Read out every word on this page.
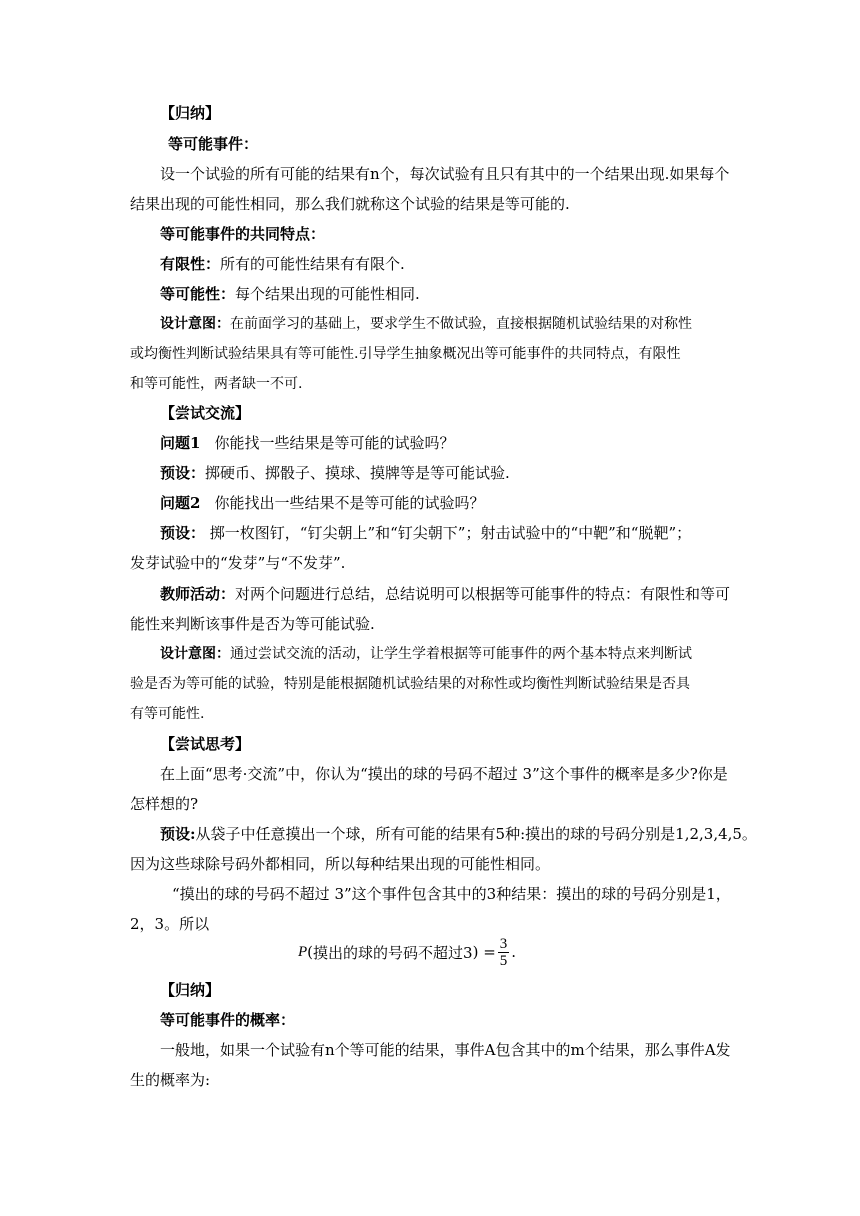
【归纳】
等可能事件：
设一个试验的所有可能的结果有n个，每次试验有且只有其中的一个结果出现.如果每个
结果出现的可能性相同，那么我们就称这个试验的结果是等可能的.
等可能事件的共同特点：
有限性：所有的可能性结果有有限个.
等可能性：每个结果出现的可能性相同.
设计意图：在前面学习的基础上，要求学生不做试验，直接根据随机试验结果的对称性
或均衡性判断试验结果具有等可能性.引导学生抽象概况出等可能事件的共同特点，有限性
和等可能性，两者缺一不可.
【尝试交流】
问题1 你能找一些结果是等可能的试验吗？
预设：掷硬币、掷骰子、摸球、摸牌等是等可能试验.
问题2 你能找出一些结果不是等可能的试验吗？
预设： 掷一枚图钉，“钉尖朝上”和“钉尖朝下”；射击试验中的“中靶”和“脱靶”；
发芽试验中的“发芽”与“不发芽”.
教师活动：对两个问题进行总结，总结说明可以根据等可能事件的特点：有限性和等可
能性来判断该事件是否为等可能试验.
设计意图：通过尝试交流的活动，让学生学着根据等可能事件的两个基本特点来判断试
验是否为等可能的试验，特别是能根据随机试验结果的对称性或均衡性判断试验结果是否具
有等可能性.
【尝试思考】
在上面“思考·交流”中，你认为“摸出的球的号码不超过 3”这个事件的概率是多少?你是
怎样想的?
预设:从袋子中任意摸出一个球，所有可能的结果有5种:摸出的球的号码分别是1,2,3,4,5。
因为这些球除号码外都相同，所以每种结果出现的可能性相同。
“摸出的球的号码不超过 3”这个事件包含其中的3种结果：摸出的球的号码分别是1，
2，3。所以
P ( 摸出的球的号码不超过3 ) = $\frac{3}{5}$ .
【归纳】
等可能事件的概率：
一般地，如果一个试验有n个等可能的结果，事件A包含其中的m个结果，那么事件A发
生的概率为:
